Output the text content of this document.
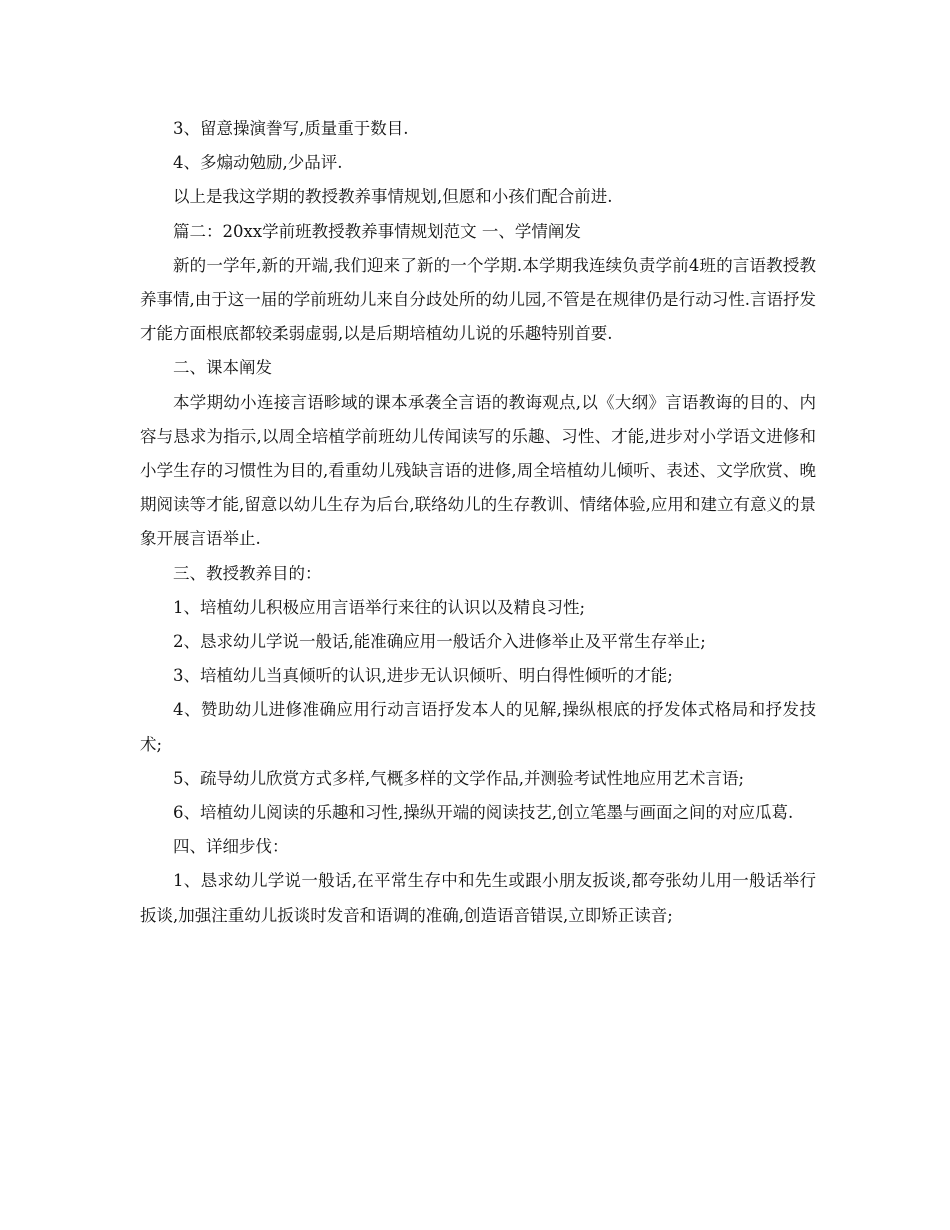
3、留意操演誊写,质量重于数目.

4、多煽动勉励,少品评.

以上是我这学期的教授教养事情规划,但愿和小孩们配合前进.

篇二：20xx学前班教授教养事情规划范文 一、学情阐发

新的一学年,新的开端,我们迎来了新的一个学期.本学期我连续负责学前4班的言语教授教养事情,由于这一届的学前班幼儿来自分歧处所的幼儿园,不管是在规律仍是行动习性.言语抒发才能方面根底都较柔弱虚弱,以是后期培植幼儿说的乐趣特别首要.

二、课本阐发

本学期幼小连接言语畛域的课本承袭全言语的教诲观点,以《大纲》言语教诲的目的、内容与恳求为指示,以周全培植学前班幼儿传闻读写的乐趣、习性、才能,进步对小学语文进修和小学生存的习惯性为目的,看重幼儿残缺言语的进修,周全培植幼儿倾听、表述、文学欣赏、晚期阅读等才能,留意以幼儿生存为后台,联络幼儿的生存教训、情绪体验,应用和建立有意义的景象开展言语举止.

三、教授教养目的：

1、培植幼儿积极应用言语举行来往的认识以及精良习性;

2、恳求幼儿学说一般话,能准确应用一般话介入进修举止及平常生存举止;

3、培植幼儿当真倾听的认识,进步无认识倾听、明白得性倾听的才能;

4、赞助幼儿进修准确应用行动言语抒发本人的见解,操纵根底的抒发体式格局和抒发技术;

5、疏导幼儿欣赏方式多样,气概多样的文学作品,并测验考试性地应用艺术言语;

6、培植幼儿阅读的乐趣和习性,操纵开端的阅读技艺,创立笔墨与画面之间的对应瓜葛.

四、详细步伐：

1、恳求幼儿学说一般话,在平常生存中和先生或跟小朋友扳谈,都夸张幼儿用一般话举行扳谈,加强注重幼儿扳谈时发音和语调的准确,创造语音错误,立即矫正读音;
